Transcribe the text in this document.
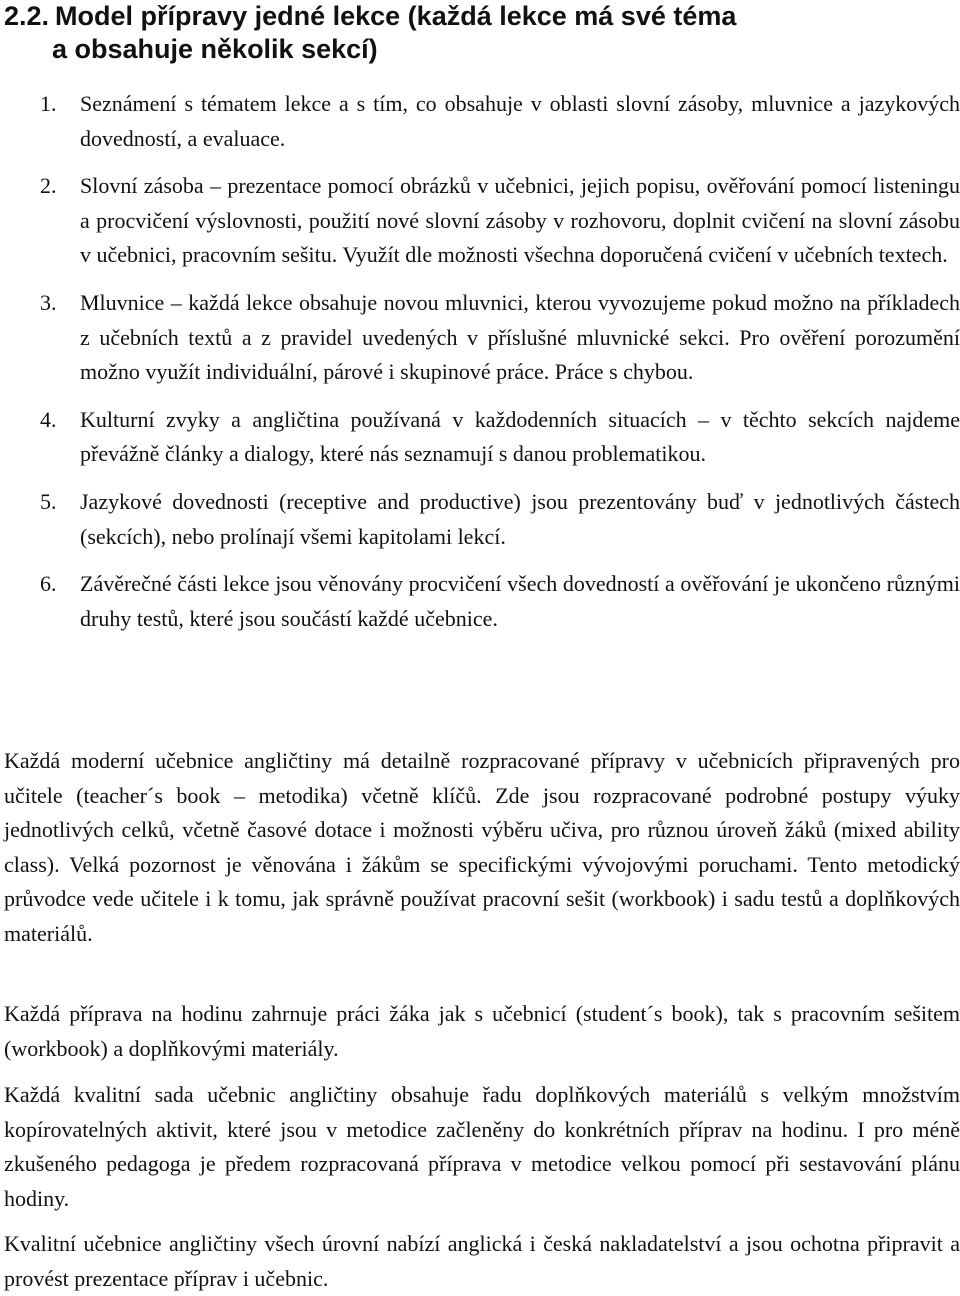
2.2. Model přípravy jedné lekce (každá lekce má své téma
a obsahuje několik sekcí)
1. Seznámení s tématem lekce a s tím, co obsahuje v oblasti slovní zásoby, mluvnice a jazykových dovedností, a evaluace.
2. Slovní zásoba – prezentace pomocí obrázků v učebnici, jejich popisu, ověřování pomocí listeningu a procvičení výslovnosti, použití nové slovní zásoby v rozhovoru, doplnit cvičení na slovní zásobu v učebnici, pracovním sešitu. Využít dle možnosti všechna doporučená cvičení v učebních textech.
3. Mluvnice – každá lekce obsahuje novou mluvnici, kterou vyvozujeme pokud možno na příkladech z učebních textů a z pravidel uvedených v příslušné mluvnické sekci. Pro ověření porozumění možno využít individuální, párové i skupinové práce. Práce s chybou.
4. Kulturní zvyky a angličtina používaná v každodenních situacích – v těchto sekcích najdeme převážně články a dialogy, které nás seznamují s danou problematikou.
5. Jazykové dovednosti (receptive and productive) jsou prezentovány buď v jednotlivých částech (sekcích), nebo prolínají všemi kapitolami lekcí.
6. Závěrečné části lekce jsou věnovány procvičení všech dovedností a ověřování je ukončeno různými druhy testů, které jsou součástí každé učebnice.

Každá moderní učebnice angličtiny má detailně rozpracované přípravy v učebnicích připravených pro učitele (teacher´s book – metodika) včetně klíčů. Zde jsou rozpracované podrobné postupy výuky jednotlivých celků, včetně časové dotace i možnosti výběru učiva, pro různou úroveň žáků (mixed ability class). Velká pozornost je věnována i žákům se specifickými vývojovými poruchami. Tento metodický průvodce vede učitele i k tomu, jak správně používat pracovní sešit (workbook) i sadu testů a doplňkových materiálů.

Každá příprava na hodinu zahrnuje práci žáka jak s učebnicí (student´s book), tak s pracovním sešitem (workbook) a doplňkovými materiály.

Každá kvalitní sada učebnic angličtiny obsahuje řadu doplňkových materiálů s velkým množstvím kopírovatelných aktivit, které jsou v metodice začleněny do konkrétních příprav na hodinu. I pro méně zkušeného pedagoga je předem rozpracovaná příprava v metodice velkou pomocí při sestavování plánu hodiny.

Kvalitní učebnice angličtiny všech úrovní nabízí anglická i česká nakladatelství a jsou ochotna připravit a provést prezentace příprav i učebnic.
